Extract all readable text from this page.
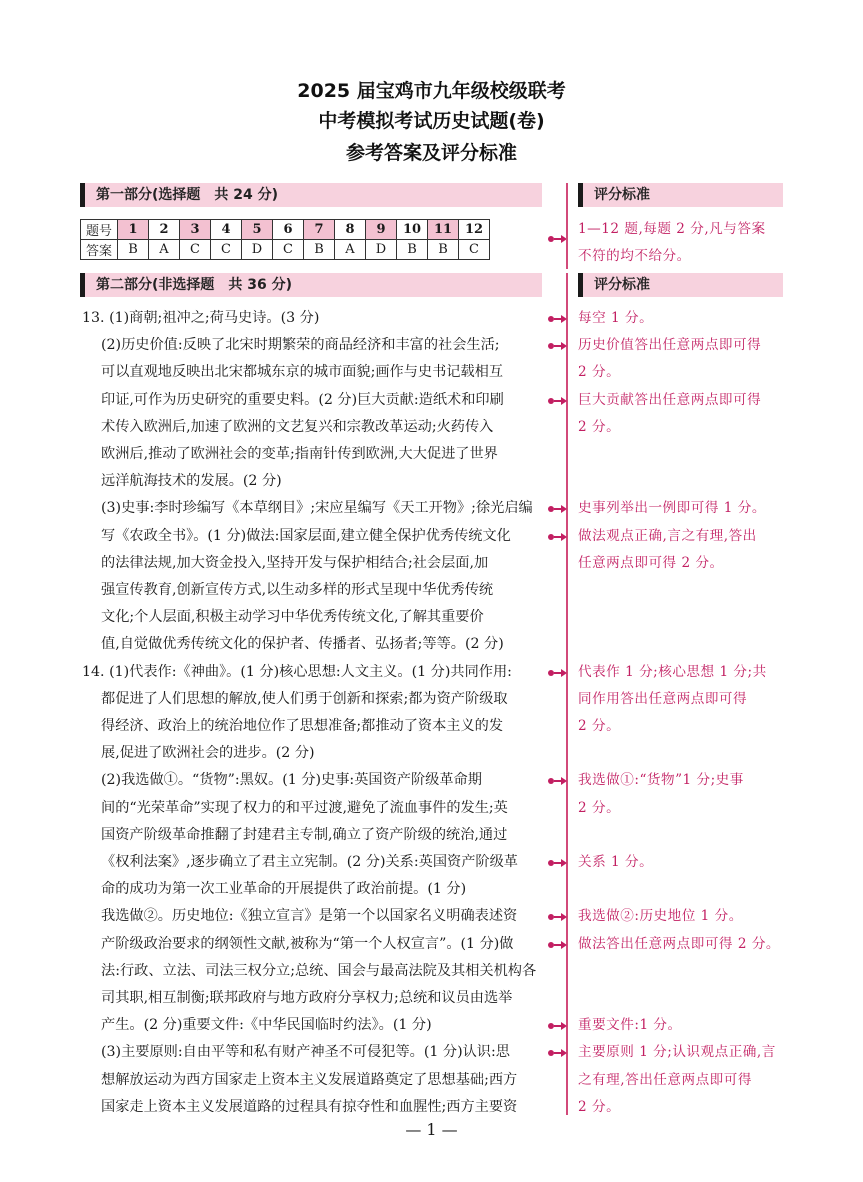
2025 届宝鸡市九年级校级联考
中考模拟考试历史试题(卷)
参考答案及评分标准
第一部分(选择题　共 24 分)	评分标准
题号	1	2	3	4	5	6	7	8	9	10	11	12
答案	B	A	C	C	D	C	B	A	D	B	B	C
1—12 题,每题 2 分,凡与答案
不符的均不给分。
第二部分(非选择题　共 36 分)	评分标准
13. (1)商朝;祖冲之;荷马史诗。(3 分)
(2)历史价值:反映了北宋时期繁荣的商品经济和丰富的社会生活;
可以直观地反映出北宋都城东京的城市面貌;画作与史书记载相互
印证,可作为历史研究的重要史料。(2 分)巨大贡献:造纸术和印刷
术传入欧洲后,加速了欧洲的文艺复兴和宗教改革运动;火药传入
欧洲后,推动了欧洲社会的变革;指南针传到欧洲,大大促进了世界
远洋航海技术的发展。(2 分)
(3)史事:李时珍编写《本草纲目》;宋应星编写《天工开物》;徐光启编
写《农政全书》。(1 分)做法:国家层面,建立健全保护优秀传统文化
的法律法规,加大资金投入,坚持开发与保护相结合;社会层面,加
强宣传教育,创新宣传方式,以生动多样的形式呈现中华优秀传统
文化;个人层面,积极主动学习中华优秀传统文化,了解其重要价
值,自觉做优秀传统文化的保护者、传播者、弘扬者;等等。(2 分)
14. (1)代表作:《神曲》。(1 分)核心思想:人文主义。(1 分)共同作用:
都促进了人们思想的解放,使人们勇于创新和探索;都为资产阶级取
得经济、政治上的统治地位作了思想准备;都推动了资本主义的发
展,促进了欧洲社会的进步。(2 分)
(2)我选做①。“货物”:黑奴。(1 分)史事:英国资产阶级革命期
间的“光荣革命”实现了权力的和平过渡,避免了流血事件的发生;英
国资产阶级革命推翻了封建君主专制,确立了资产阶级的统治,通过
《权利法案》,逐步确立了君主立宪制。(2 分)关系:英国资产阶级革
命的成功为第一次工业革命的开展提供了政治前提。(1 分)
我选做②。历史地位:《独立宣言》是第一个以国家名义明确表述资
产阶级政治要求的纲领性文献,被称为“第一个人权宣言”。(1 分)做
法:行政、立法、司法三权分立;总统、国会与最高法院及其相关机构各
司其职,相互制衡;联邦政府与地方政府分享权力;总统和议员由选举
产生。(2 分)重要文件:《中华民国临时约法》。(1 分)
(3)主要原则:自由平等和私有财产神圣不可侵犯等。(1 分)认识:思
想解放运动为西方国家走上资本主义发展道路奠定了思想基础;西方
国家走上资本主义发展道路的过程具有掠夺性和血腥性;西方主要资
每空 1 分。
历史价值答出任意两点即可得
2 分。
巨大贡献答出任意两点即可得
2 分。
史事列举出一例即可得 1 分。
做法观点正确,言之有理,答出
任意两点即可得 2 分。
代表作 1 分;核心思想 1 分;共
同作用答出任意两点即可得
2 分。
我选做①:“货物”1 分;史事
2 分。
关系 1 分。
我选做②:历史地位 1 分。
做法答出任意两点即可得 2 分。
重要文件:1 分。
主要原则 1 分;认识观点正确,言
之有理,答出任意两点即可得
2 分。
— 1 —
